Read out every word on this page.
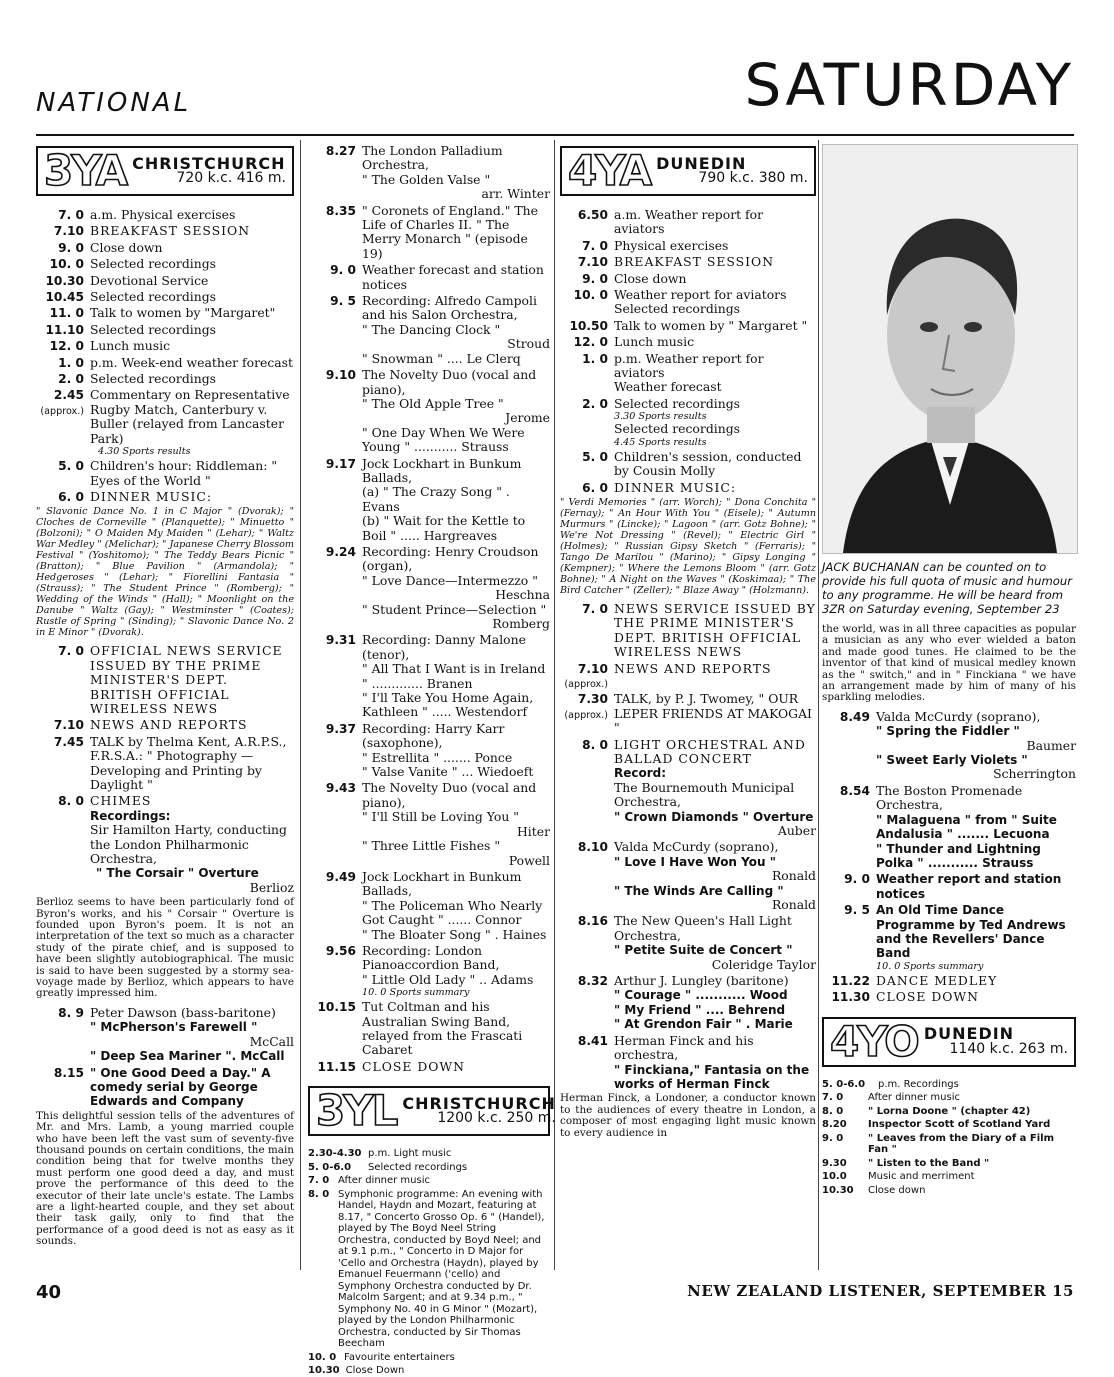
NATIONAL	SATURDAY
3YA CHRISTCHURCH
720 k.c. 416 m.
7. 0 a.m. Physical exercises
7.10 BREAKFAST SESSION
9. 0 Close down
10. 0 Selected recordings
10.30 Devotional Service
10.45 Selected recordings
11. 0 Talk to women by "Margaret"
11.10 Selected recordings
12. 0 Lunch music
1. 0 p.m. Week-end weather forecast
2. 0 Selected recordings
2.45
(approx.)
Commentary on Representative Rugby Match, Canterbury v. Buller (relayed from Lancaster Park)
4.30 Sports results
5. 0 Children's hour: Riddleman: " Eyes of the World "
6. 0 DINNER MUSIC:
" Slavonic Dance No. 1 in C Major " (Dvorak); " Cloches de Corneville " (Planquette); " Minuetto " (Bolzoni); " O Maiden My Maiden " (Lehar); " Waltz War Medley " (Melichar); " Japanese Cherry Blossom Festival " (Yoshitomo); " The Teddy Bears Picnic " (Bratton); " Blue Pavilion " (Armandola); " Hedgeroses " (Lehar); " Fiorellini Fantasia " (Strauss); " The Student Prince " (Romberg); " Wedding of the Winds " (Hall); " Moonlight on the Danube " Waltz (Gay); " Westminster " (Coates); Rustle of Spring " (Sinding); " Slavonic Dance No. 2 in E Minor " (Dvorak).
7. 0 OFFICIAL NEWS SERVICE ISSUED BY THE PRIME MINISTER'S DEPT. BRITISH OFFICIAL WIRELESS NEWS
7.10 NEWS AND REPORTS
7.45 TALK by Thelma Kent, A.R.P.S., F.R.S.A.: " Photography — Developing and Printing by Daylight "
8. 0 CHIMES
Recordings:
Sir Hamilton Harty, conducting the London Philharmonic Orchestra,
" The Corsair " Overture
Berlioz
Berlioz seems to have been particularly fond of Byron's works, and his " Corsair " Overture is founded upon Byron's poem. It is not an interpretation of the text so much as a character study of the pirate chief, and is supposed to have been slightly autobiographical. The music is said to have been suggested by a stormy sea-voyage made by Berlioz, which appears to have greatly impressed him.
8. 9 Peter Dawson (bass-baritone)
" McPherson's Farewell "
McCall
" Deep Sea Mariner ". McCall
8.15 " One Good Deed a Day." A comedy serial by George Edwards and Company
This delightful session tells of the adventures of Mr. and Mrs. Lamb, a young married couple who have been left the vast sum of seventy-five thousand pounds on certain conditions, the main condition being that for twelve months they must perform one good deed a day, and must prove the performance of this deed to the executor of their late uncle's estate. The Lambs are a light-hearted couple, and they set about their task gaily, only to find that the performance of a good deed is not as easy as it sounds.
8.27 The London Palladium Orchestra,
" The Golden Valse "
arr. Winter
8.35 " Coronets of England." The Life of Charles II. " The Merry Monarch " (episode 19)
9. 0 Weather forecast and station notices
9. 5 Recording: Alfredo Campoli and his Salon Orchestra,
" The Dancing Clock "
Stroud
" Snowman " .... Le Clerq
9.10 The Novelty Duo (vocal and piano),
" The Old Apple Tree "
Jerome
" One Day When We Were Young " ........... Strauss
9.17 Jock Lockhart in Bunkum Ballads,
(a) " The Crazy Song " . Evans
(b) " Wait for the Kettle to Boil " ..... Hargreaves
9.24 Recording: Henry Croudson (organ),
" Love Dance—Intermezzo "
Heschna
" Student Prince—Selection "
Romberg
9.31 Recording: Danny Malone (tenor),
" All That I Want is in Ireland " ............. Branen
" I'll Take You Home Again, Kathleen " ..... Westendorf
9.37 Recording: Harry Karr (saxophone),
" Estrellita " ....... Ponce
" Valse Vanite " ... Wiedoeft
9.43 The Novelty Duo (vocal and piano),
" I'll Still be Loving You "
Hiter
" Three Little Fishes "
Powell
9.49 Jock Lockhart in Bunkum Ballads,
" The Policeman Who Nearly Got Caught " ...... Connor
" The Bloater Song " . Haines
9.56 Recording: London Pianoaccordion Band,
" Little Old Lady " .. Adams
10. 0 Sports summary
10.15 Tut Coltman and his Australian Swing Band, relayed from the Frascati Cabaret
11.15 CLOSE DOWN
3YL CHRISTCHURCH
1200 k.c. 250 m.
2.30-4.30 p.m. Light music
5. 0-6.0	Selected recordings
7. 0 After dinner music
8. 0 Symphonic programme: An evening with Handel, Haydn and Mozart, featuring at 8.17, " Concerto Grosso Op. 6 " (Handel), played by The Boyd Neel String Orchestra, conducted by Boyd Neel; and at 9.1 p.m., " Concerto in D Major for 'Cello and Orchestra (Haydn), played by Emanuel Feuermann ('cello) and Symphony Orchestra conducted by Dr. Malcolm Sargent; and at 9.34 p.m., " Symphony No. 40 in G Minor " (Mozart), played by the London Philharmonic Orchestra, conducted by Sir Thomas Beecham
10. 0 Favourite entertainers
10.30 Close Down
4YA DUNEDIN
790 k.c. 380 m.
6.50 a.m. Weather report for aviators
7. 0 Physical exercises
7.10 BREAKFAST SESSION
9. 0 Close down
10. 0 Weather report for aviators
Selected recordings
10.50 Talk to women by " Margaret "
12. 0 Lunch music
1. 0 p.m. Weather report for aviators
Weather forecast
2. 0 Selected recordings
3.30 Sports results
Selected recordings
4.45 Sports results
5. 0 Children's session, conducted by Cousin Molly
6. 0 DINNER MUSIC:
" Verdi Memories " (arr. Worch); " Dona Conchita " (Fernay); " An Hour With You " (Eisele); " Autumn Murmurs " (Lincke); " Lagoon " (arr. Gotz Bohne); " We're Not Dressing " (Revel); " Electric Girl " (Holmes); " Russian Gipsy Sketch " (Ferraris); " Tango De Marilou " (Marino); " Gipsy Longing " (Kempner); " Where the Lemons Bloom " (arr. Gotz Bohne); " A Night on the Waves " (Koskimaa); " The Bird Catcher " (Zeller); " Blaze Away " (Holzmann).
7. 0 NEWS SERVICE ISSUED BY THE PRIME MINISTER'S DEPT. BRITISH OFFICIAL WIRELESS NEWS
7.10
(approx.)
NEWS AND REPORTS
7.30
(approx.)
TALK, by P. J. Twomey, " OUR LEPER FRIENDS AT MAKOGAI "
8. 0 LIGHT ORCHESTRAL AND BALLAD CONCERT
Record:
The Bournemouth Municipal Orchestra,
" Crown Diamonds " Overture
Auber
8.10 Valda McCurdy (soprano),
" Love I Have Won You "
Ronald
" The Winds Are Calling "
Ronald
8.16 The New Queen's Hall Light Orchestra,
" Petite Suite de Concert "
Coleridge Taylor
8.32 Arthur J. Lungley (baritone)
" Courage " ........... Wood
" My Friend " .... Behrend
" At Grendon Fair " . Marie
8.41 Herman Finck and his orchestra,
" Finckiana," Fantasia on the works of Herman Finck
Herman Finck, a Londoner, a conductor known to the audiences of every theatre in London, a composer of most engaging light music known to every audience in
JACK BUCHANAN can be counted on to provide his full quota of music and humour to any programme. He will be heard from 3ZR on Saturday evening, September 23
the world, was in all three capacities as popular a musician as any who ever wielded a baton and made good tunes. He claimed to be the inventor of that kind of musical medley known as the " switch," and in " Finckiana " we have an arrangement made by him of many of his sparkling melodies.
8.49 Valda McCurdy (soprano),
" Spring the Fiddler "
Baumer
" Sweet Early Violets "
Scherrington
8.54 The Boston Promenade Orchestra,
" Malaguena " from " Suite Andalusia " ....... Lecuona
" Thunder and Lightning Polka " ........... Strauss
9. 0 Weather report and station notices
9. 5 An Old Time Dance Programme by Ted Andrews and the Revellers' Dance Band
10. 0 Sports summary
11.22 DANCE MEDLEY
11.30 CLOSE DOWN
4YO DUNEDIN
1140 k.c. 263 m.
5. 0-6.0	p.m. Recordings
7. 0	After dinner music
8. 0	" Lorna Doone " (chapter 42)
8.20	Inspector Scott of Scotland Yard
9. 0	" Leaves from the Diary of a Film Fan "
9.30	" Listen to the Band "
10.0	Music and merriment
10.30	Close down
40	NEW ZEALAND LISTENER, SEPTEMBER 15
